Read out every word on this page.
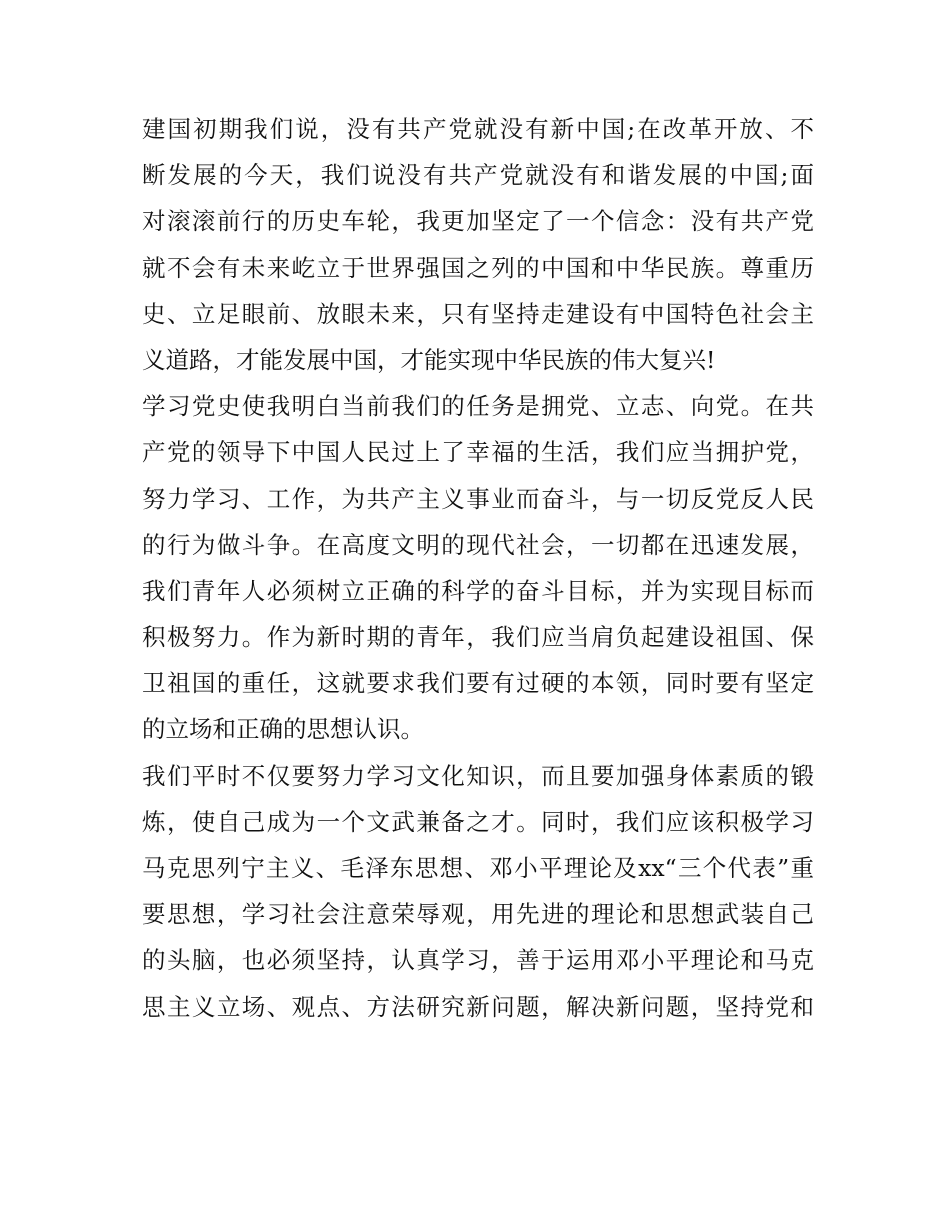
建国初期我们说，没有共产党就没有新中国;在改革开放、不
断发展的今天，我们说没有共产党就没有和谐发展的中国;面
对滚滚前行的历史车轮，我更加坚定了一个信念：没有共产党
就不会有未来屹立于世界强国之列的中国和中华民族。尊重历
史、立足眼前、放眼未来，只有坚持走建设有中国特色社会主
义道路，才能发展中国，才能实现中华民族的伟大复兴!
学习党史使我明白当前我们的任务是拥党、立志、向党。在共
产党的领导下中国人民过上了幸福的生活，我们应当拥护党，
努力学习、工作，为共产主义事业而奋斗，与一切反党反人民
的行为做斗争。在高度文明的现代社会，一切都在迅速发展，
我们青年人必须树立正确的科学的奋斗目标，并为实现目标而
积极努力。作为新时期的青年，我们应当肩负起建设祖国、保
卫祖国的重任，这就要求我们要有过硬的本领，同时要有坚定
的立场和正确的思想认识。
我们平时不仅要努力学习文化知识，而且要加强身体素质的锻
炼，使自己成为一个文武兼备之才。同时，我们应该积极学习
马克思列宁主义、毛泽东思想、邓小平理论及xx“三个代表”重
要思想，学习社会注意荣辱观，用先进的理论和思想武装自己
的头脑，也必须坚持，认真学习，善于运用邓小平理论和马克
思主义立场、观点、方法研究新问题，解决新问题，坚持党和
